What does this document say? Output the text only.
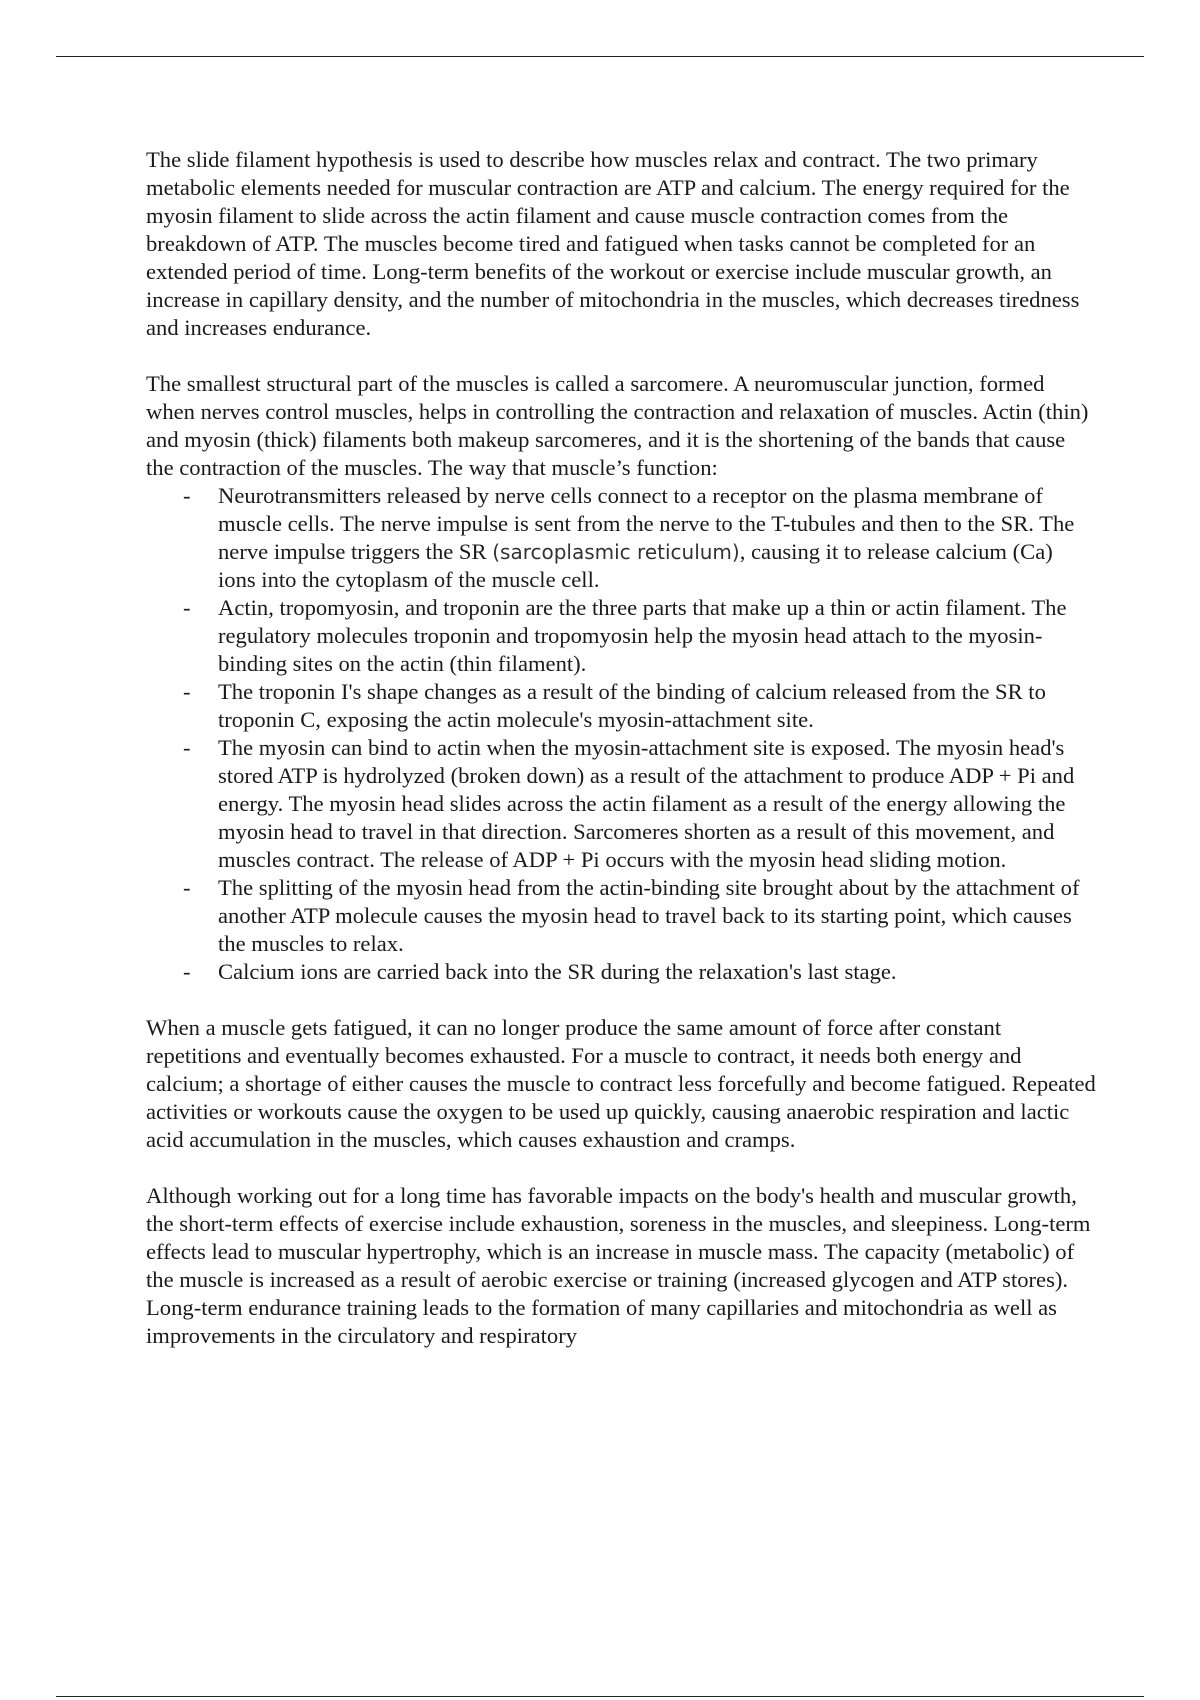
The slide filament hypothesis is used to describe how muscles relax and contract. The two primary metabolic elements needed for muscular contraction are ATP and calcium. The energy required for the myosin filament to slide across the actin filament and cause muscle contraction comes from the breakdown of ATP. The muscles become tired and fatigued when tasks cannot be completed for an extended period of time. Long-term benefits of the workout or exercise include muscular growth, an increase in capillary density, and the number of mitochondria in the muscles, which decreases tiredness and increases endurance.

The smallest structural part of the muscles is called a sarcomere. A neuromuscular junction, formed when nerves control muscles, helps in controlling the contraction and relaxation of muscles. Actin (thin) and myosin (thick) filaments both makeup sarcomeres, and it is the shortening of the bands that cause the contraction of the muscles. The way that muscle’s function:

- Neurotransmitters released by nerve cells connect to a receptor on the plasma membrane of muscle cells. The nerve impulse is sent from the nerve to the T-tubules and then to the SR. The nerve impulse triggers the SR (sarcoplasmic reticulum), causing it to release calcium (Ca) ions into the cytoplasm of the muscle cell.
- Actin, tropomyosin, and troponin are the three parts that make up a thin or actin filament. The regulatory molecules troponin and tropomyosin help the myosin head attach to the myosin-binding sites on the actin (thin filament).
- The troponin I's shape changes as a result of the binding of calcium released from the SR to troponin C, exposing the actin molecule's myosin-attachment site.
- The myosin can bind to actin when the myosin-attachment site is exposed. The myosin head's stored ATP is hydrolyzed (broken down) as a result of the attachment to produce ADP + Pi and energy. The myosin head slides across the actin filament as a result of the energy allowing the myosin head to travel in that direction. Sarcomeres shorten as a result of this movement, and muscles contract. The release of ADP + Pi occurs with the myosin head sliding motion.
- The splitting of the myosin head from the actin-binding site brought about by the attachment of another ATP molecule causes the myosin head to travel back to its starting point, which causes the muscles to relax.
- Calcium ions are carried back into the SR during the relaxation's last stage.

When a muscle gets fatigued, it can no longer produce the same amount of force after constant repetitions and eventually becomes exhausted. For a muscle to contract, it needs both energy and calcium; a shortage of either causes the muscle to contract less forcefully and become fatigued. Repeated activities or workouts cause the oxygen to be used up quickly, causing anaerobic respiration and lactic acid accumulation in the muscles, which causes exhaustion and cramps.

Although working out for a long time has favorable impacts on the body's health and muscular growth, the short-term effects of exercise include exhaustion, soreness in the muscles, and sleepiness. Long-term effects lead to muscular hypertrophy, which is an increase in muscle mass. The capacity (metabolic) of the muscle is increased as a result of aerobic exercise or training (increased glycogen and ATP stores). Long-term endurance training leads to the formation of many capillaries and mitochondria as well as improvements in the circulatory and respiratory
